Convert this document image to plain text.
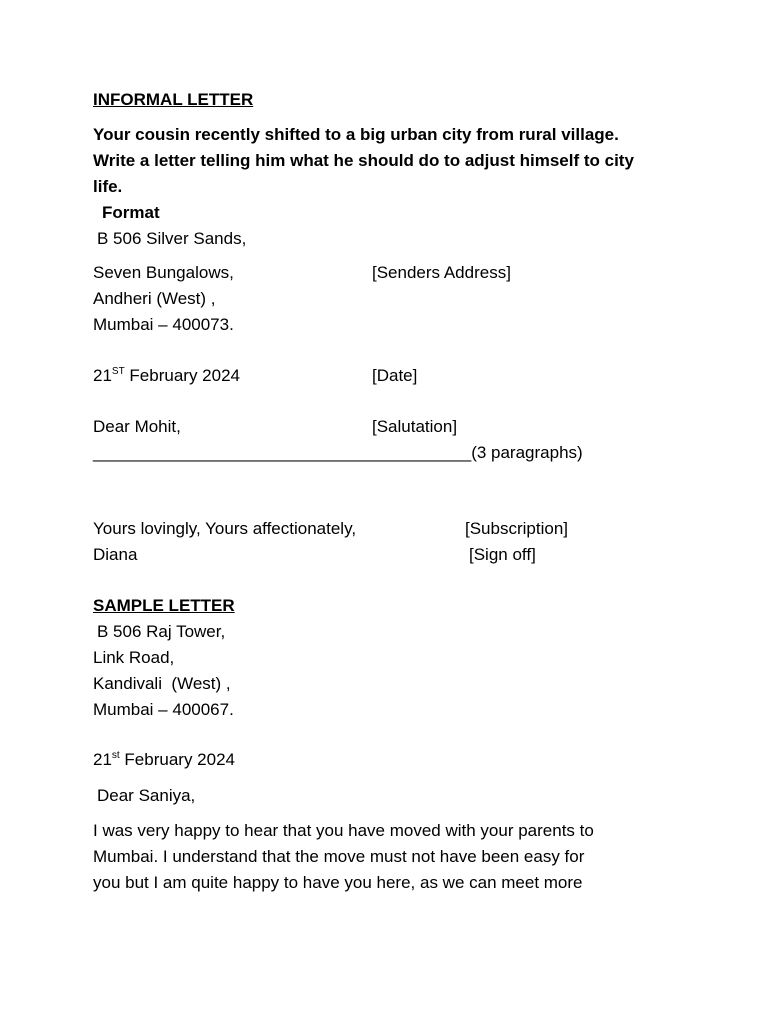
INFORMAL LETTER
Your cousin recently shifted to a big urban city from rural village.
Write a letter telling him what he should do to adjust himself to city
life.
Format
B 506 Silver Sands,
Seven Bungalows,	[Senders Address]
Andheri (West) ,
Mumbai – 400073.
21ST February 2024	[Date]
Dear Mohit,	[Salutation]
________________________________________(3 paragraphs)
Yours lovingly, Yours affectionately,	[Subscription]
Diana	[Sign off]
SAMPLE LETTER
B 506 Raj Tower,
Link Road,
Kandivali  (West) ,
Mumbai – 400067.
21st February 2024
Dear Saniya,
I was very happy to hear that you have moved with your parents to
Mumbai. I understand that the move must not have been easy for
you but I am quite happy to have you here, as we can meet more
